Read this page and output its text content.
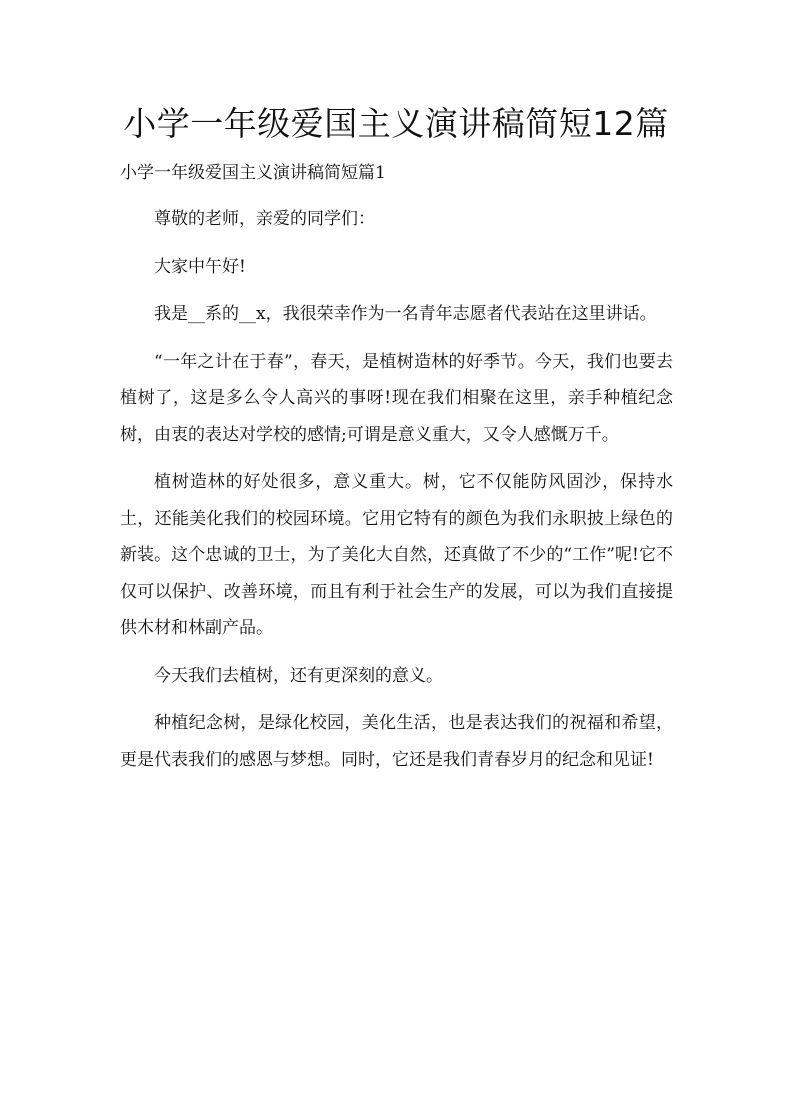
小学一年级爱国主义演讲稿简短12篇
小学一年级爱国主义演讲稿简短篇1

尊敬的老师，亲爱的同学们：

大家中午好!

我是__系的__x，我很荣幸作为一名青年志愿者代表站在这里讲话。

“一年之计在于春”，春天，是植树造林的好季节。今天，我们也要去植树了，这是多么令人高兴的事呀!现在我们相聚在这里，亲手种植纪念树，由衷的表达对学校的感情;可谓是意义重大，又令人感慨万千。

植树造林的好处很多，意义重大。树，它不仅能防风固沙，保持水土，还能美化我们的校园环境。它用它特有的颜色为我们永职披上绿色的新装。这个忠诚的卫士，为了美化大自然，还真做了不少的“工作”呢!它不仅可以保护、改善环境，而且有利于社会生产的发展，可以为我们直接提供木材和林副产品。

今天我们去植树，还有更深刻的意义。

种植纪念树，是绿化校园，美化生活，也是表达我们的祝福和希望，更是代表我们的感恩与梦想。同时，它还是我们青春岁月的纪念和见证!
